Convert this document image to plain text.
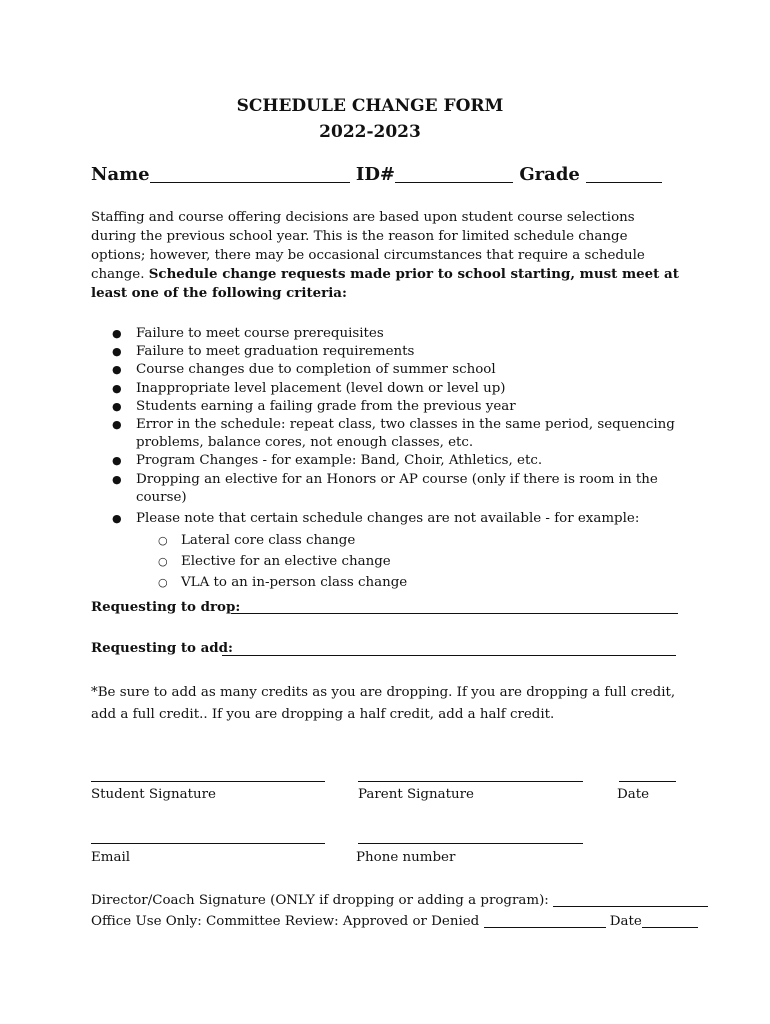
SCHEDULE CHANGE FORM
2022-2023
Name	ID#	Grade
Staffing and course offering decisions are based upon student course selections during the previous school year. This is the reason for limited schedule change options; however, there may be occasional circumstances that require a schedule change. Schedule change requests made prior to school starting, must meet at least one of the following criteria:
● Failure to meet course prerequisites
● Failure to meet graduation requirements
● Course changes due to completion of summer school
● Inappropriate level placement (level down or level up)
● Students earning a failing grade from the previous year
● Error in the schedule: repeat class, two classes in the same period, sequencing problems, balance cores, not enough classes, etc.
● Program Changes - for example: Band, Choir, Athletics, etc.
● Dropping an elective for an Honors or AP course (only if there is room in the course)
● Please note that certain schedule changes are not available - for example:
○ Lateral core class change
○ Elective for an elective change
○ VLA to an in-person class change
Requesting to drop:
Requesting to add:
*Be sure to add as many credits as you are dropping. If you are dropping a full credit, add a full credit.. If you are dropping a half credit, add a half credit.
Student Signature	Parent Signature	Date
Email	Phone number
Director/Coach Signature (ONLY if dropping or adding a program):
Office Use Only: Committee Review: Approved or Denied	Date
